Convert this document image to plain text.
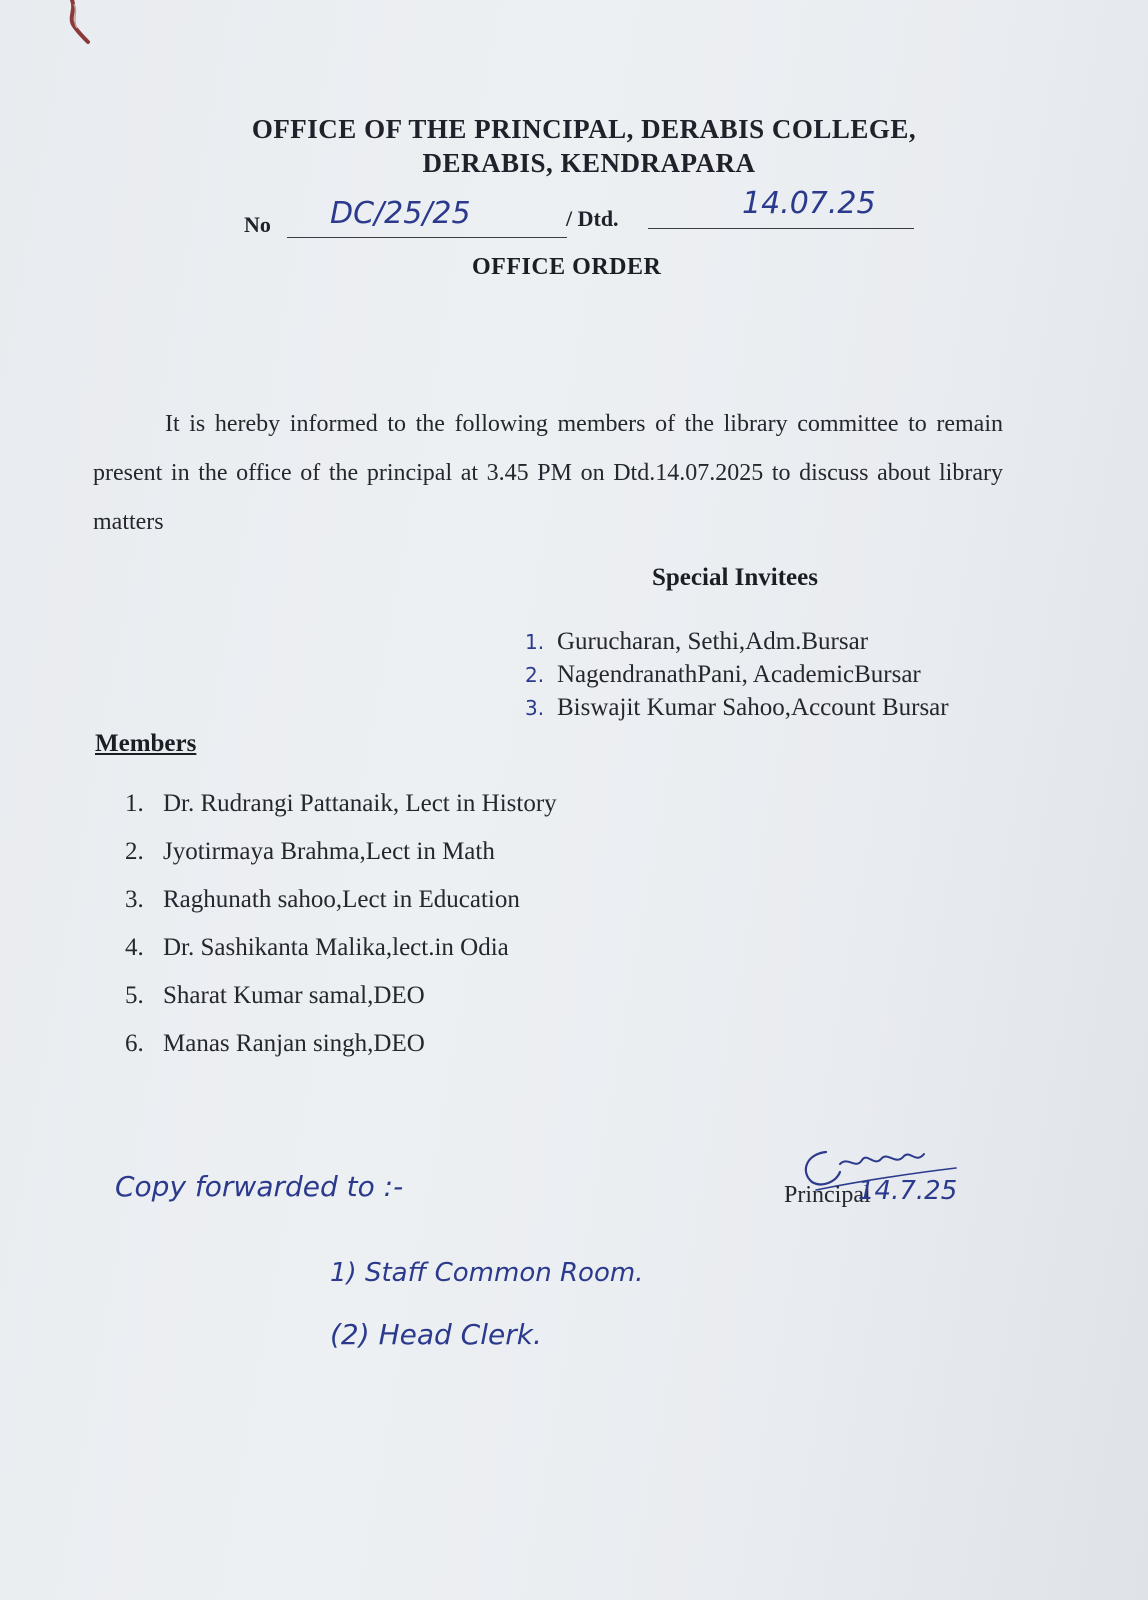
OFFICE OF THE PRINCIPAL, DERABIS COLLEGE,
DERABIS, KENDRAPARA
No DC/25/25	/ Dtd.	14.07.25
OFFICE ORDER
It is hereby informed to the following members of the library committee to remain present in the office of the principal at 3.45 PM on Dtd.14.07.2025 to discuss about library matters
Special Invitees
1. Gurucharan, Sethi,Adm.Bursar
2. NagendranathPani, AcademicBursar
3. Biswajit Kumar Sahoo,Account Bursar
Members
1. Dr. Rudrangi Pattanaik, Lect in History
2. Jyotirmaya Brahma,Lect in Math
3. Raghunath sahoo,Lect in Education
4. Dr. Sashikanta Malika,lect.in Odia
5. Sharat Kumar samal,DEO
6. Manas Ranjan singh,DEO
Copy forwarded to :-
1) Staff Common Room.
(2) Head Clerk.
Principal
14.7.25
